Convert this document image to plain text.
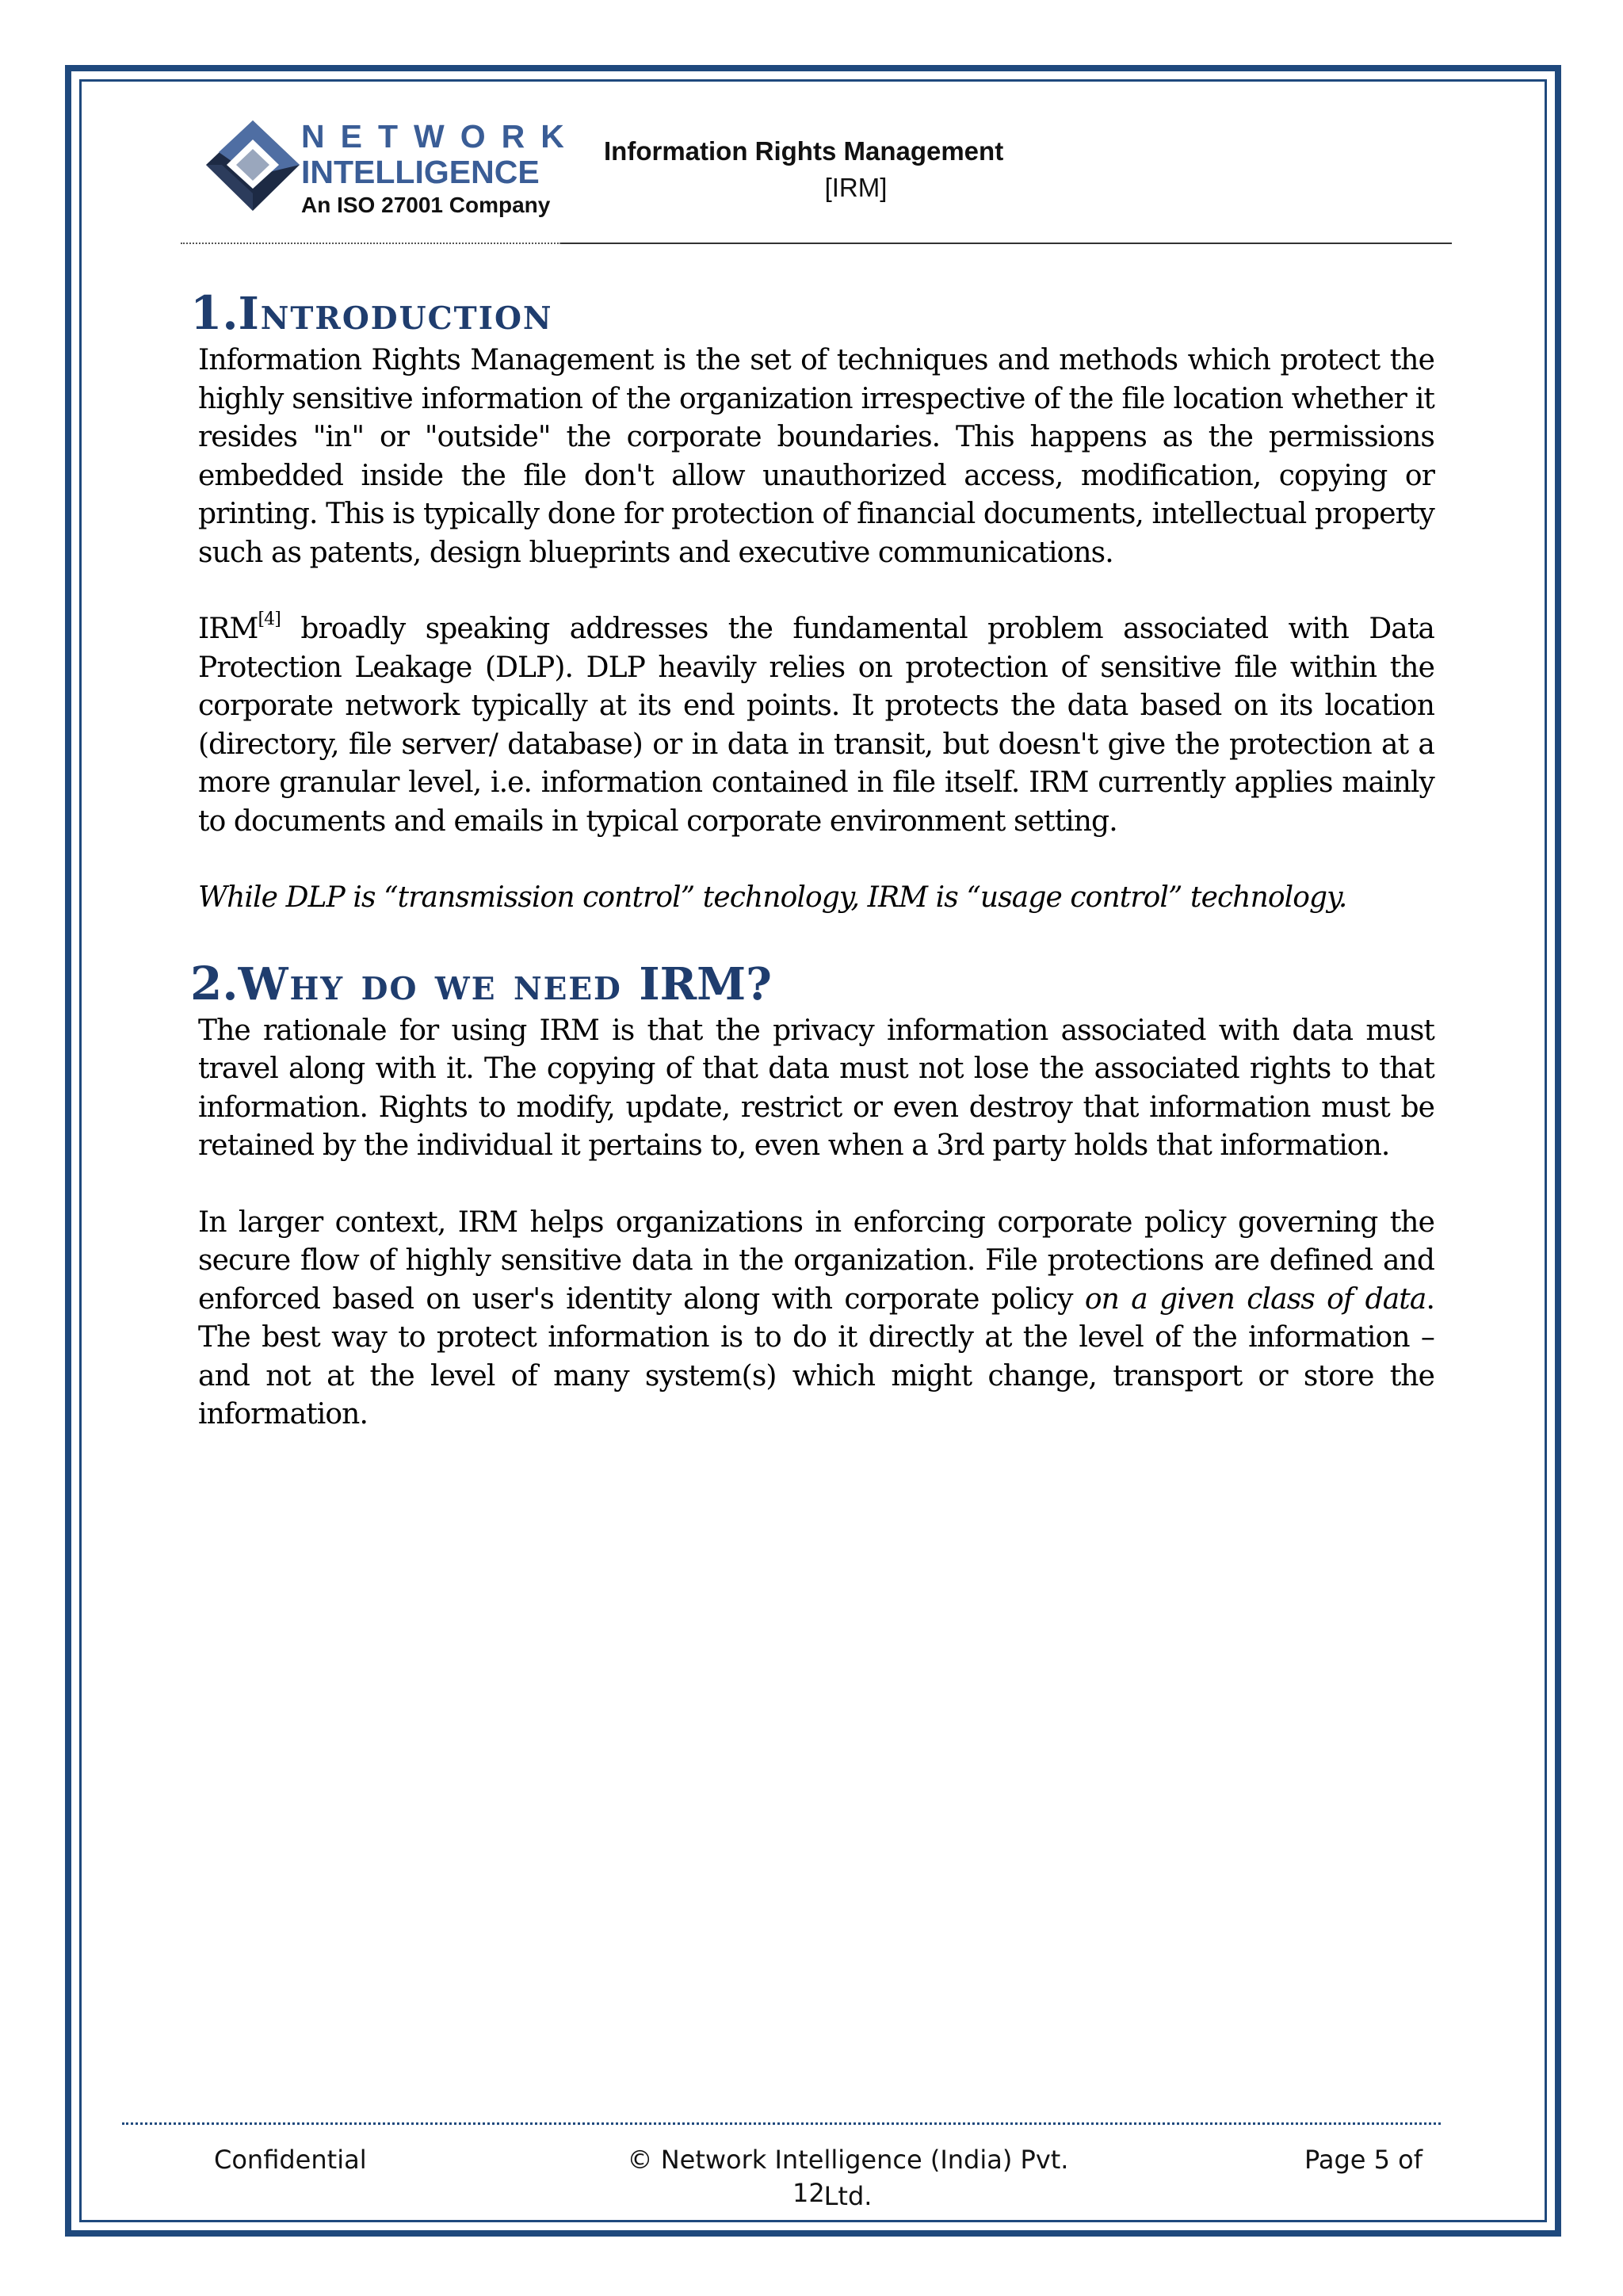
NETWORK
INTELLIGENCE
An ISO 27001 Company
Information Rights Management
[IRM]
1.Introduction

Information Rights Management is the set of techniques and methods which protect the highly sensitive information of the organization irrespective of the file location whether it resides "in" or "outside" the corporate boundaries. This happens as the permissions embedded inside the file don't allow unauthorized access, modification, copying or printing. This is typically done for protection of financial documents, intellectual property such as patents, design blueprints and executive communications.

IRM[4] broadly speaking addresses the fundamental problem associated with Data Protection Leakage (DLP). DLP heavily relies on protection of sensitive file within the corporate network typically at its end points. It protects the data based on its location (directory, file server/ database) or in data in transit, but doesn't give the protection at a more granular level, i.e. information contained in file itself. IRM currently applies mainly to documents and emails in typical corporate environment setting.

While DLP is “transmission control” technology, IRM is “usage control” technology.

2.Why do we need IRM?

The rationale for using IRM is that the privacy information associated with data must travel along with it. The copying of that data must not lose the associated rights to that information. Rights to modify, update, restrict or even destroy that information must be retained by the individual it pertains to, even when a 3rd party holds that information.

In larger context, IRM helps organizations in enforcing corporate policy governing the secure flow of highly sensitive data in the organization. File protections are defined and enforced based on user's identity along with corporate policy on a given class of data. The best way to protect information is to do it directly at the level of the information – and not at the level of many system(s) which might change, transport or store the information.

Confidential	© Network Intelligence (India) Pvt. Ltd.
Page 5 of
12
